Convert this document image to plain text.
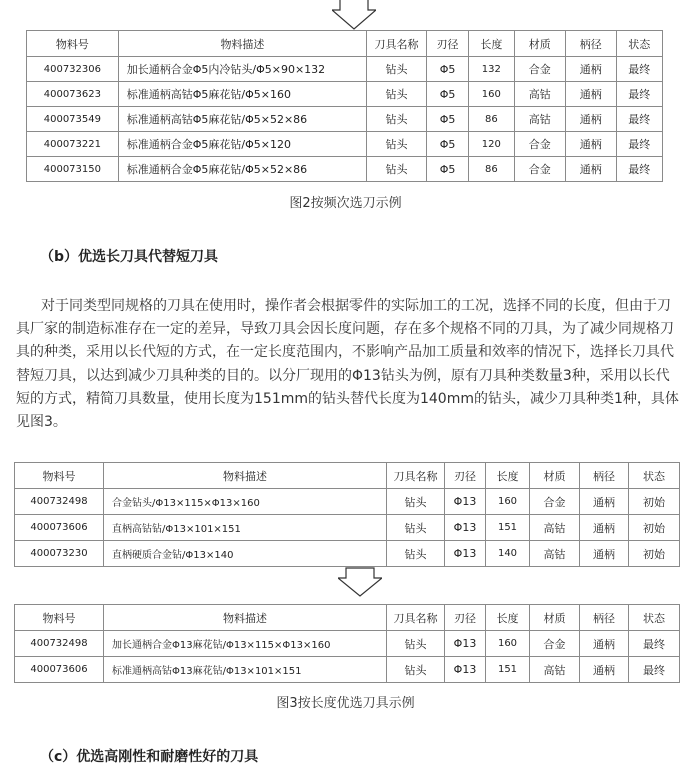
物料号	物料描述	刀具名称	刃径	长度	材质	柄径	状态
400732306	加长通柄合金Φ5内冷钻头/Φ5×90×132	钻头	Φ5	132	合金	通柄	最终
400073623	标准通柄高钴Φ5麻花钻/Φ5×160	钻头	Φ5	160	高钴	通柄	最终
400073549	标准通柄高钴Φ5麻花钻/Φ5×52×86	钻头	Φ5	86	高钴	通柄	最终
400073221	标准通柄合金Φ5麻花钻/Φ5×120	钻头	Φ5	120	合金	通柄	最终
400073150	标准通柄合金Φ5麻花钻/Φ5×52×86	钻头	Φ5	86	合金	通柄	最终
图2按频次选刀示例
（b）优选长刀具代替短刀具

对于同类型同规格的刀具在使用时，操作者会根据零件的实际加工的工况，选择不同的长度，但由于刀具厂家的制造标准存在一定的差异，导致刀具会因长度问题，存在多个规格不同的刀具，为了减少同规格刀具的种类，采用以长代短的方式，在一定长度范围内，不影响产品加工质量和效率的情况下，选择长刀具代替短刀具，以达到减少刀具种类的目的。以分厂现用的Φ13钻头为例，原有刀具种类数量3种，采用以长代短的方式，精简刀具数量，使用长度为151mm的钻头替代长度为140mm的钻头，减少刀具种类1种，具体见图3。

物料号	物料描述	刀具名称	刃径	长度	材质	柄径	状态
400732498	合金钻头/Φ13×115×Φ13×160	钻头	Φ13	160	合金	通柄	初始
400073606	直柄高钴钻/Φ13×101×151	钻头	Φ13	151	高钴	通柄	初始
400073230	直柄硬质合金钻/Φ13×140	钻头	Φ13	140	高钴	通柄	初始
物料号	物料描述	刀具名称	刃径	长度	材质	柄径	状态
400732498	加长通柄合金Φ13麻花钻/Φ13×115×Φ13×160	钻头	Φ13	160	合金	通柄	最终
400073606	标准通柄高钴Φ13麻花钻/Φ13×101×151	钻头	Φ13	151	高钴	通柄	最终
图3按长度优选刀具示例
（c）优选高刚性和耐磨性好的刀具
